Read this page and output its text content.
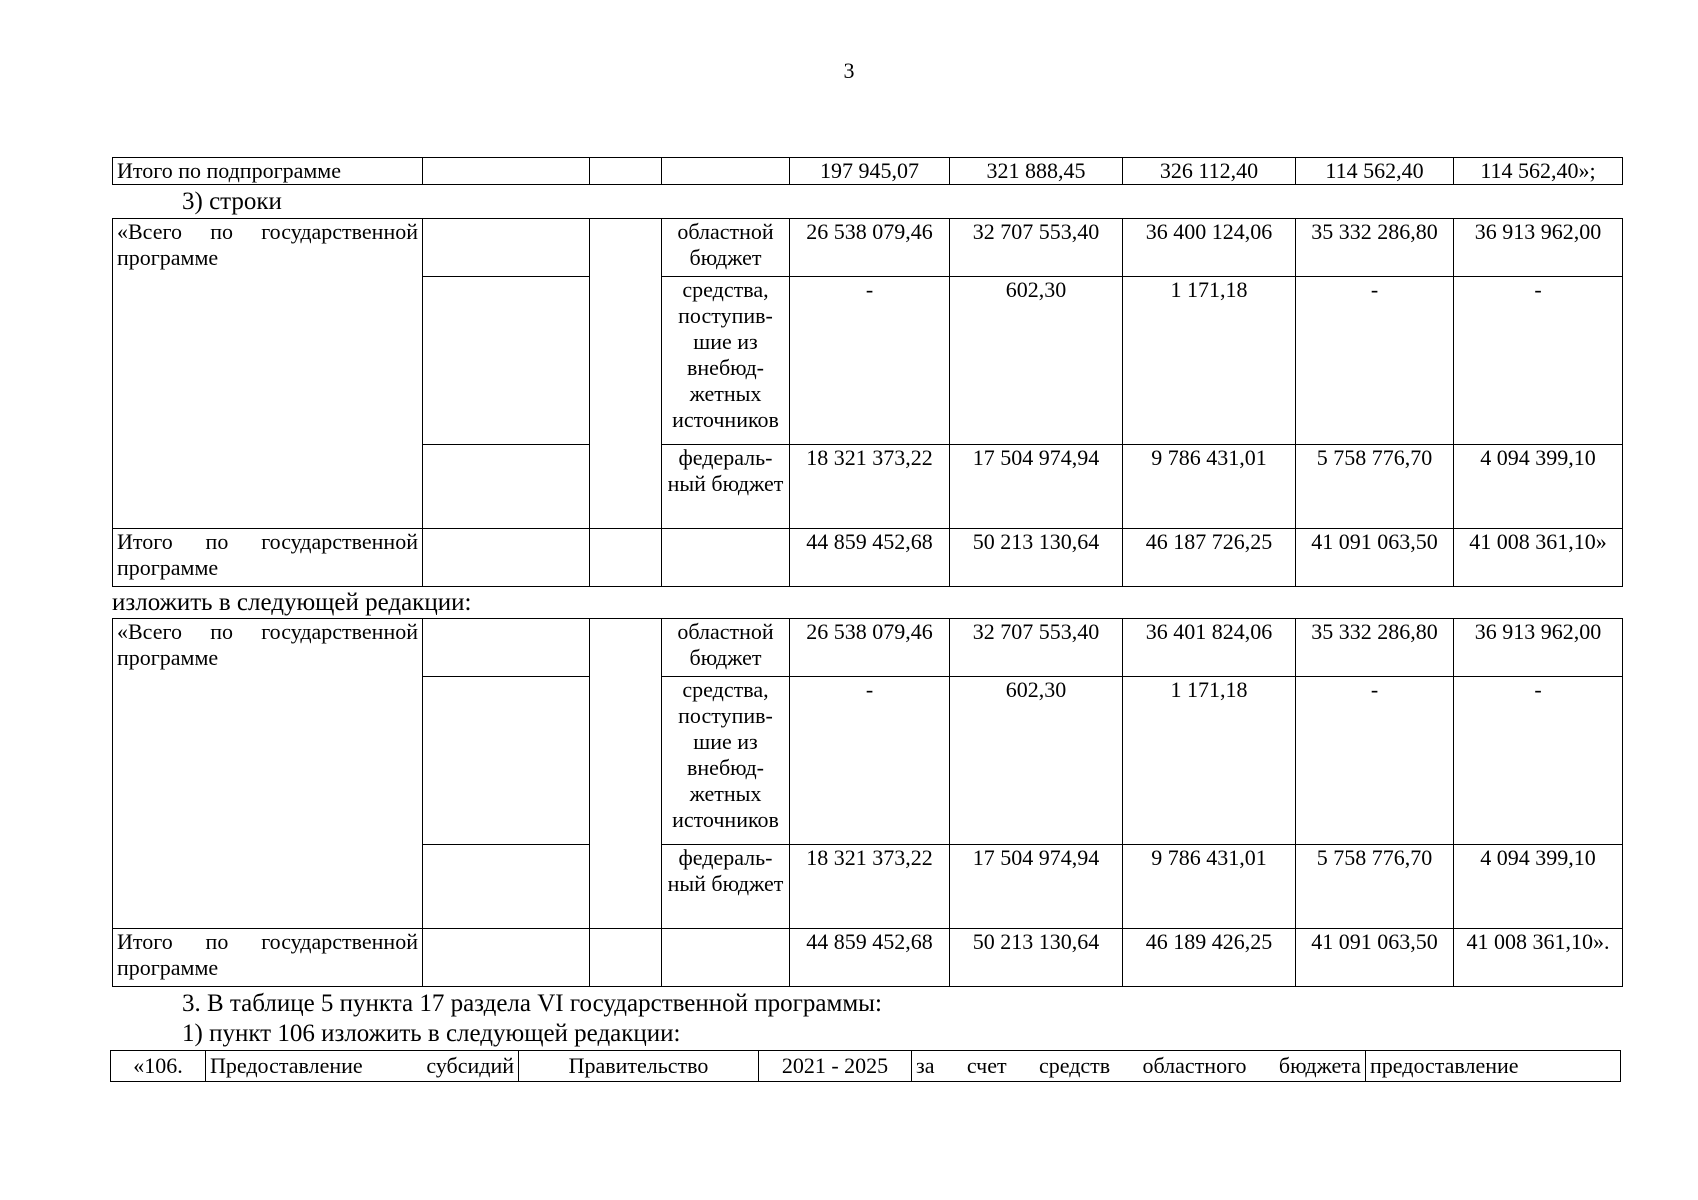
3
Итого по подпрограмме				197 945,07	321 888,45	326 112,40	114 562,40	114 562,40»;
3) строки
«Всего по государственной
программе			областной бюджет	26 538 079,46	32 707 553,40	36 400 124,06	35 332 286,80	36 913 962,00
			средства, поступив-шие из внебюд-жетных источников	-	602,30	1 171,18	-	-
			федераль-ный бюджет	18 321 373,22	17 504 974,94	9 786 431,01	5 758 776,70	4 094 399,10

Итого по государственной
программе				44 859 452,68	50 213 130,64	46 187 726,25	41 091 063,50	41 008 361,10»
изложить в следующей редакции:
«Всего по государственной
программе			областной бюджет	26 538 079,46	32 707 553,40	36 401 824,06	35 332 286,80	36 913 962,00
			средства, поступив-шие из внебюд-жетных источников	-	602,30	1 171,18	-	-
			федераль-ный бюджет	18 321 373,22	17 504 974,94	9 786 431,01	5 758 776,70	4 094 399,10

Итого по государственной
программе				44 859 452,68	50 213 130,64	46 189 426,25	41 091 063,50	41 008 361,10».
3. В таблице 5 пункта 17 раздела VI государственной программы:
1) пункт 106 изложить в следующей редакции:
«106.	Предоставление	субсидий	Правительство	2021 - 2025	за счет средств областного бюджета	предоставление
